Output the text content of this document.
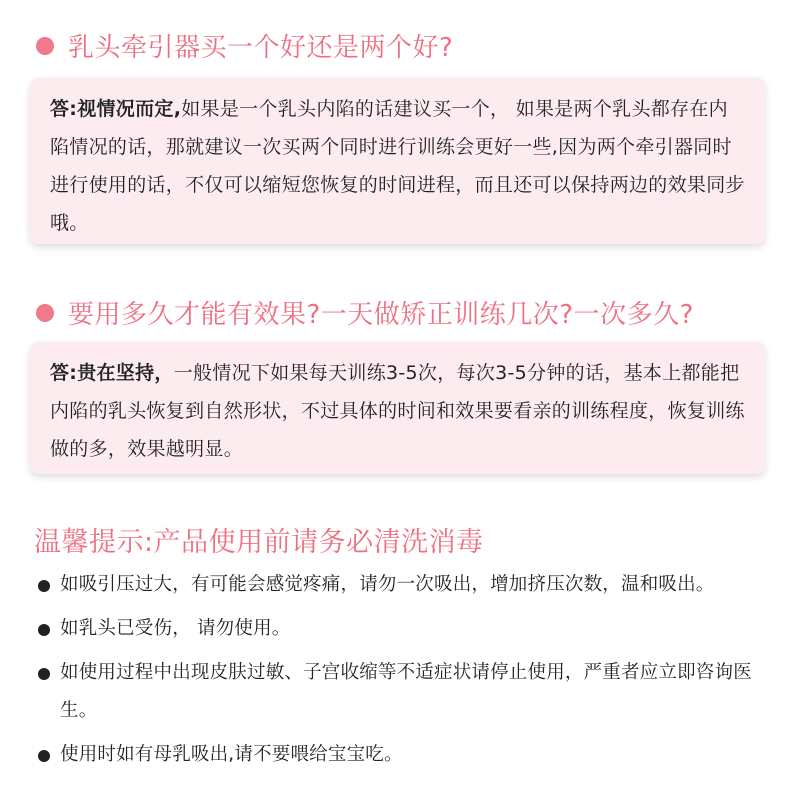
乳头牵引器买一个好还是两个好?
答:视情况而定,如果是一个乳头内陷的话建议买一个， 如果是两个乳头都存在内陷情况的话，那就建议一次买两个同时进行训练会更好一些,因为两个牵引器同时进行使用的话，不仅可以缩短您恢复的时间进程，而且还可以保持两边的效果同步哦。
要用多久才能有效果?一天做矫正训练几次?一次多久?
答:贵在坚持，一般情况下如果每天训练3-5次，每次3-5分钟的话，基本上都能把内陷的乳头恢复到自然形状，不过具体的时间和效果要看亲的训练程度，恢复训练做的多，效果越明显。
温馨提示:产品使用前请务必清洗消毒
如吸引压过大，有可能会感觉疼痛，请勿一次吸出，增加挤压次数，温和吸出。
如乳头已受伤， 请勿使用。
如使用过程中出现皮肤过敏、子宫收缩等不适症状请停止使用，严重者应立即咨询医生。
使用时如有母乳吸出,请不要喂给宝宝吃。
